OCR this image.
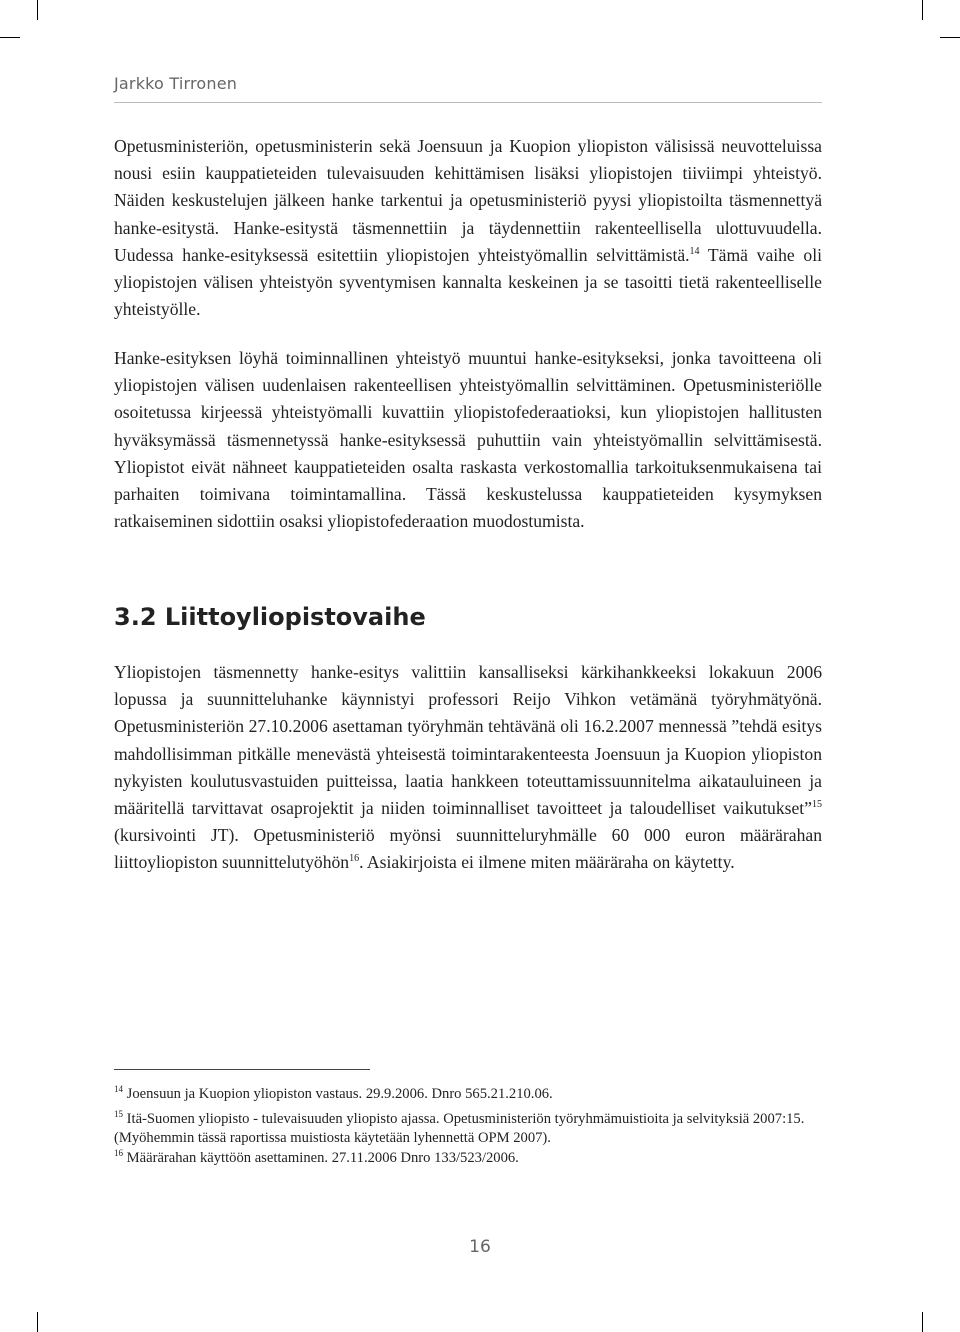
Jarkko Tirronen

Opetusministeriön, opetusministerin sekä Joensuun ja Kuopion yliopiston välisissä neuvotteluissa nousi esiin kauppatieteiden tulevaisuuden kehittämisen lisäksi yliopistojen tiiviimpi yhteistyö. Näiden keskustelujen jälkeen hanke tarkentui ja opetusministeriö pyysi yliopistoilta täsmennettyä hanke-esitystä. Hanke-esitystä täsmennettiin ja täydennettiin rakenteellisella ulottuvuudella. Uudessa hanke-esityksessä esitettiin yliopistojen yhteistyömallin selvittämistä.$^{14}$ Tämä vaihe oli yliopistojen välisen yhteistyön syventymisen kannalta keskeinen ja se tasoitti tietä rakenteelliselle yhteistyölle.

Hanke-esityksen löyhä toiminnallinen yhteistyö muuntui hanke-esitykseksi, jonka tavoitteena oli yliopistojen välisen uudenlaisen rakenteellisen yhteistyömallin selvittäminen. Opetusministeriölle osoitetussa kirjeessä yhteistyömalli kuvattiin yliopistofederaatioksi, kun yliopistojen hallitusten hyväksymässä täsmennetyssä hanke-esityksessä puhuttiin vain yhteistyömallin selvittämisestä. Yliopistot eivät nähneet kauppatieteiden osalta raskasta verkostomallia tarkoituksenmukaisena tai parhaiten toimivana toimintamallina. Tässä keskustelussa kauppatieteiden kysymyksen ratkaiseminen sidottiin osaksi yliopistofederaation muodostumista.

3.2 Liittoyliopistovaihe

Yliopistojen täsmennetty hanke-esitys valittiin kansalliseksi kärkihankkeeksi lokakuun 2006 lopussa ja suunnitteluhanke käynnistyi professori Reijo Vihkon vetämänä työryhmätyönä. Opetusministeriön 27.10.2006 asettaman työryhmän tehtävänä oli 16.2.2007 mennessä ”tehdä esitys mahdollisimman pitkälle menevästä yhteisestä toimintarakenteesta Joensuun ja Kuopion yliopiston nykyisten koulutusvastuiden puitteissa, laatia hankkeen toteuttamissuunnitelma aikatauluineen ja määritellä tarvittavat osaprojektit ja niiden toiminnalliset tavoitteet ja taloudelliset vaikutukset”$^{15}$ (kursivointi JT). Opetusministeriö myönsi suunnitteluryhmälle 60 000 euron määrärahan liittoyliopiston suunnittelutyöhön$^{16}$. Asiakirjoista ei ilmene miten määräraha on käytetty.

$^{14}$ Joensuun ja Kuopion yliopiston vastaus. 29.9.2006. Dnro 565.21.210.06.

$^{15}$ Itä-Suomen yliopisto - tulevaisuuden yliopisto ajassa. Opetusministeriön työryhmämuistioita ja selvityksiä 2007:15. (Myöhemmin tässä raportissa muistiosta käytetään lyhennettä OPM 2007).

$^{16}$ Määrärahan käyttöön asettaminen. 27.11.2006 Dnro 133/523/2006.

16
